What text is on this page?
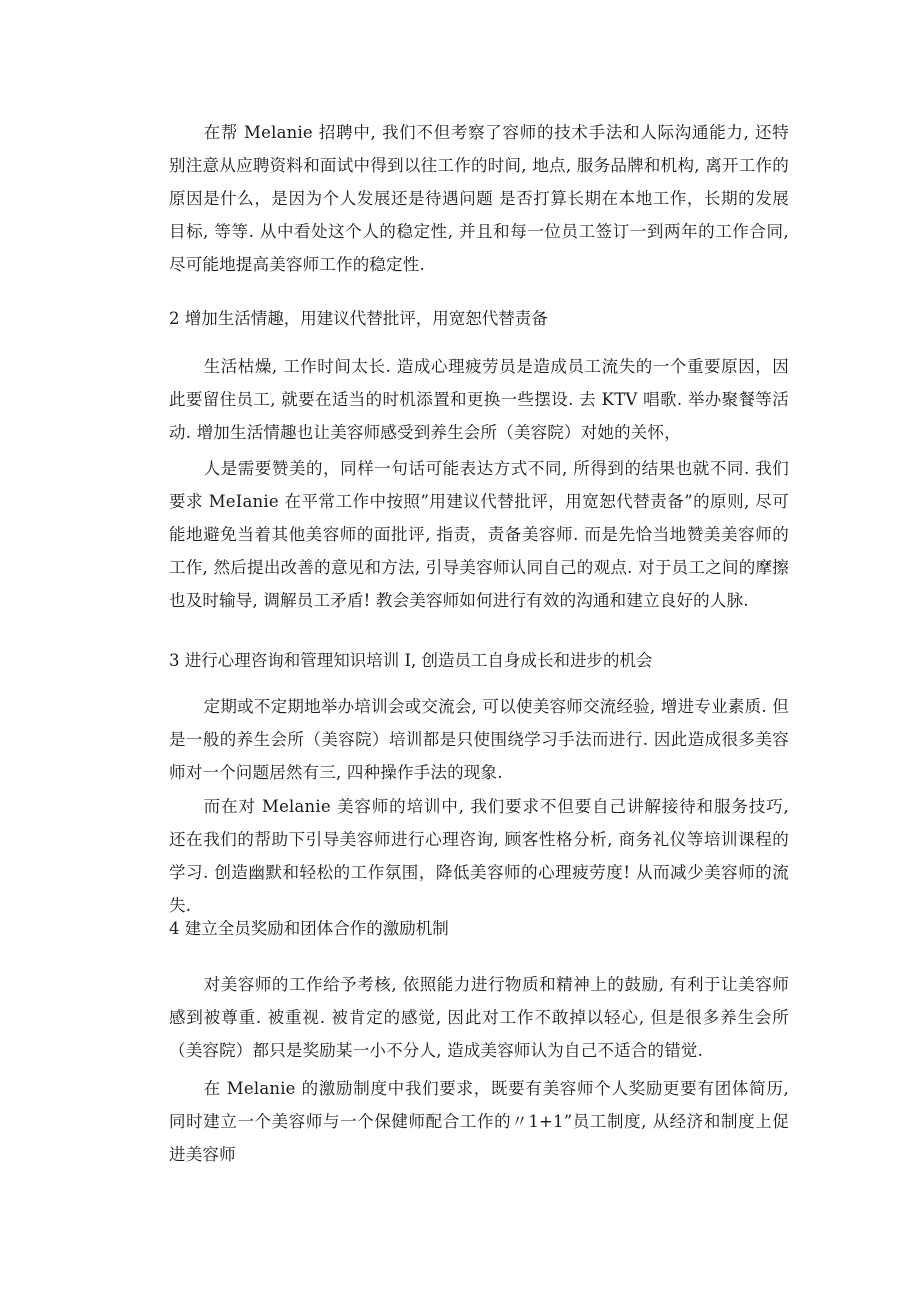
在帮 Melanie 招聘中, 我们不但考察了容师的技术手法和人际沟通能力, 还特别注意从应聘资料和面试中得到以往工作的时间, 地点, 服务品牌和机构, 离开工作的原因是什么，是因为个人发展还是待遇问题 是否打算长期在本地工作，长期的发展目标, 等等. 从中看处这个人的稳定性, 并且和每一位员工签订一到两年的工作合同, 尽可能地提高美容师工作的稳定性.

2 增加生活情趣，用建议代替批评，用宽恕代替责备

生活枯燥, 工作时间太长. 造成心理疲劳员是造成员工流失的一个重要原因，因此要留住员工, 就要在适当的时机添置和更换一些摆设. 去 KTV 唱歌. 举办聚餐等活动. 增加生活情趣也让美容师感受到养生会所（美容院）对她的关怀，

人是需要赞美的，同样一句话可能表达方式不同, 所得到的结果也就不同. 我们要求 MeIanie 在平常工作中按照”用建议代替批评，用宽恕代替责备”的原则, 尽可能地避免当着其他美容师的面批评, 指责，责备美容师. 而是先恰当地赞美美容师的工作, 然后提出改善的意见和方法, 引导美容师认同自己的观点. 对于员工之间的摩擦也及时输导, 调解员工矛盾! 教会美容师如何进行有效的沟通和建立良好的人脉.

3 进行心理咨询和管理知识培训 I, 创造员工自身成长和进步的机会

定期或不定期地举办培训会或交流会, 可以使美容师交流经验, 增进专业素质. 但是一般的养生会所（美容院）培训都是只使围绕学习手法而进行. 因此造成很多美容师对一个问题居然有三, 四种操作手法的现象.

而在对 Melanie 美容师的培训中, 我们要求不但要自己讲解接待和服务技巧, 还在我们的帮助下引导美容师进行心理咨询, 顾客性格分析, 商务礼仪等培训课程的学习. 创造幽默和轻松的工作氛围，降低美容师的心理疲劳度! 从而减少美容师的流失.

4 建立全员奖励和团体合作的激励机制

对美容师的工作给予考核, 依照能力进行物质和精神上的鼓励, 有利于让美容师感到被尊重. 被重视. 被肯定的感觉, 因此对工作不敢掉以轻心, 但是很多养生会所（美容院）都只是奖励某一小不分人, 造成美容师认为自己不适合的错觉.

在 Melanie 的激励制度中我们要求，既要有美容师个人奖励更要有团体简历, 同时建立一个美容师与一个保健师配合工作的〃1+1”员工制度, 从经济和制度上促进美容师
